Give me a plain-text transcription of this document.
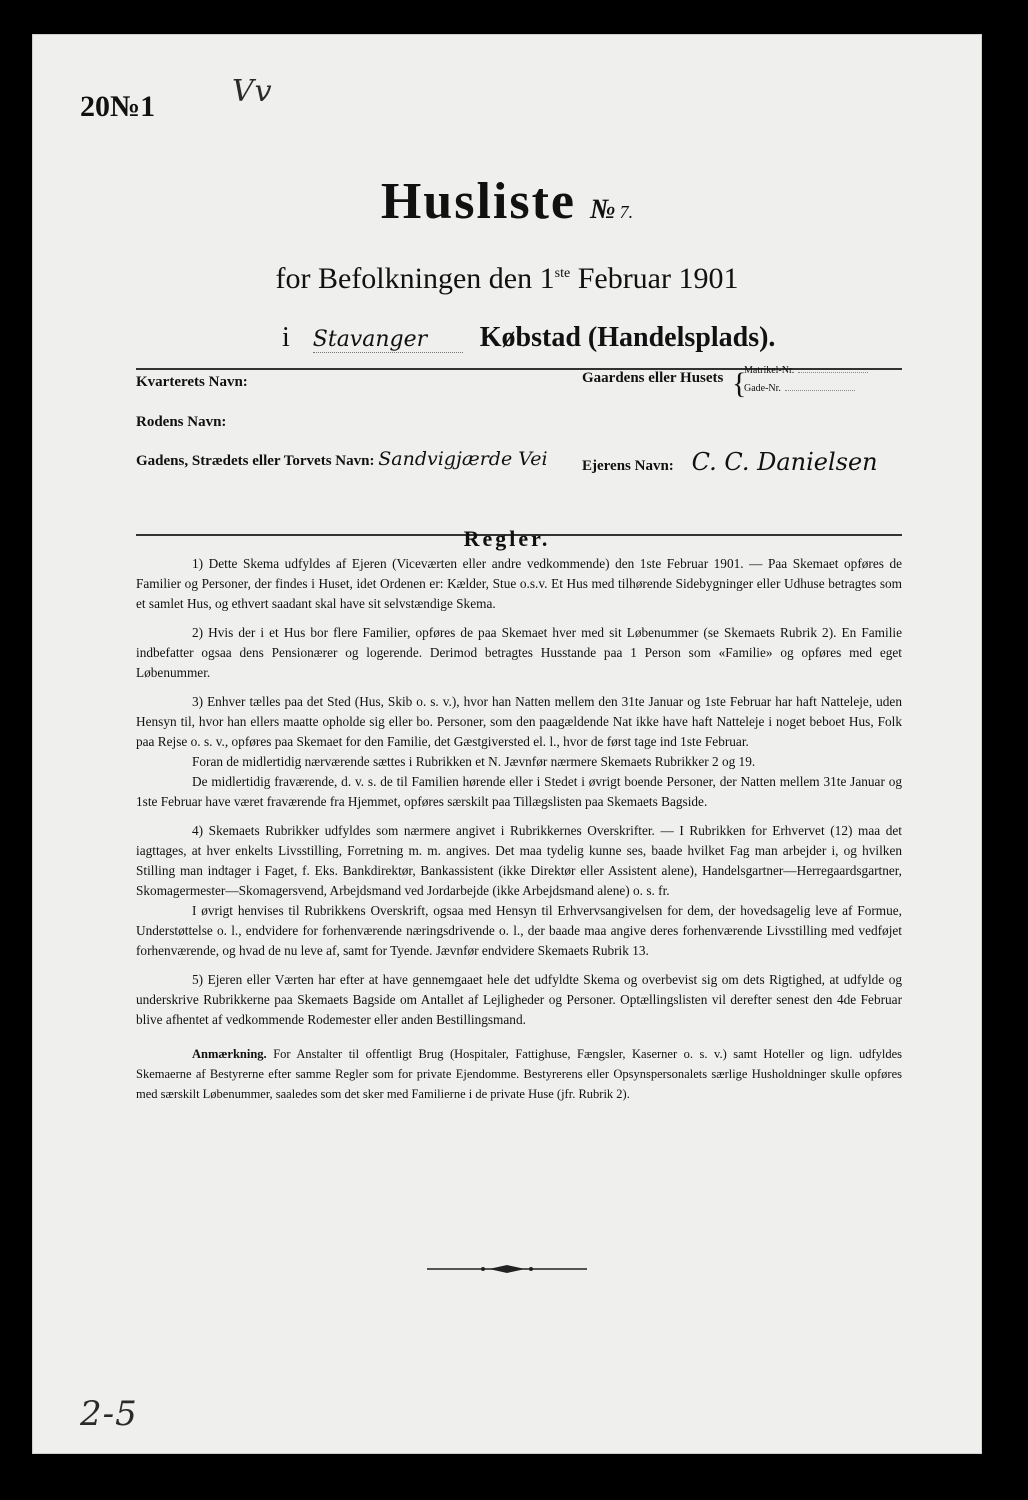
20№1	Vv
Husliste № 7.
for Befolkningen den 1ste Februar 1901
i Stavanger Købstad (Handelsplads).
Kvarterets Navn:	Gaardens eller Husets {
Matrikel-Nr.
Gade-Nr.
Rodens Navn:
Gadens, Strædets eller Torvets Navn: Sandvigjærde Vei Ejerens Navn: C. C. Danielsen
Regler.

1) Dette Skema udfyldes af Ejeren (Viceværten eller andre vedkommende) den 1ste Februar 1901. — Paa Skemaet opføres de Familier og Personer, der findes i Huset, idet Ordenen er: Kælder, Stue o.s.v. Et Hus med tilhørende Sidebygninger eller Udhuse betragtes som et samlet Hus, og ethvert saadant skal have sit selvstændige Skema.

2) Hvis der i et Hus bor flere Familier, opføres de paa Skemaet hver med sit Løbenummer (se Skemaets Rubrik 2). En Familie indbefatter ogsaa dens Pensionærer og logerende. Derimod betragtes Husstande paa 1 Person som «Familie» og opføres med eget Løbenummer.

3) Enhver tælles paa det Sted (Hus, Skib o. s. v.), hvor han Natten mellem den 31te Januar og 1ste Februar har haft Natteleje, uden Hensyn til, hvor han ellers maatte opholde sig eller bo. Personer, som den paagældende Nat ikke have haft Natteleje i noget beboet Hus, Folk paa Rejse o. s. v., opføres paa Skemaet for den Familie, det Gæstgiversted el. l., hvor de først tage ind 1ste Februar.

Foran de midlertidig nærværende sættes i Rubrikken et N. Jævnfør nærmere Skemaets Rubrikker 2 og 19.

De midlertidig fraværende, d. v. s. de til Familien hørende eller i Stedet i øvrigt boende Personer, der Natten mellem 31te Januar og 1ste Februar have været fraværende fra Hjemmet, opføres særskilt paa Tillægslisten paa Skemaets Bagside.

4) Skemaets Rubrikker udfyldes som nærmere angivet i Rubrikkernes Overskrifter. — I Rubrikken for Erhvervet (12) maa det iagttages, at hver enkelts Livsstilling, Forretning m. m. angives. Det maa tydelig kunne ses, baade hvilket Fag man arbejder i, og hvilken Stilling man indtager i Faget, f. Eks. Bankdirektør, Bankassistent (ikke Direktør eller Assistent alene), Handelsgartner—Herregaardsgartner, Skomagermester—Skomagersvend, Arbejdsmand ved Jordarbejde (ikke Arbejdsmand alene) o. s. fr.

I øvrigt henvises til Rubrikkens Overskrift, ogsaa med Hensyn til Erhvervsangivelsen for dem, der hovedsagelig leve af Formue, Understøttelse o. l., endvidere for forhenværende næringsdrivende o. l., der baade maa angive deres forhenværende Livsstilling med vedføjet forhenværende, og hvad de nu leve af, samt for Tyende. Jævnfør endvidere Skemaets Rubrik 13.

5) Ejeren eller Værten har efter at have gennemgaaet hele det udfyldte Skema og overbevist sig om dets Rigtighed, at udfylde og underskrive Rubrikkerne paa Skemaets Bagside om Antallet af Lejligheder og Personer. Optællingslisten vil derefter senest den 4de Februar blive afhentet af vedkommende Rodemester eller anden Bestillingsmand.

Anmærkning. For Anstalter til offentligt Brug (Hospitaler, Fattighuse, Fængsler, Kaserner o. s. v.) samt Hoteller og lign. udfyldes Skemaerne af Bestyrerne efter samme Regler som for private Ejendomme. Bestyrerens eller Opsynspersonalets særlige Husholdninger skulle opføres med særskilt Løbenummer, saaledes som det sker med Familierne i de private Huse (jfr. Rubrik 2).

2-5
